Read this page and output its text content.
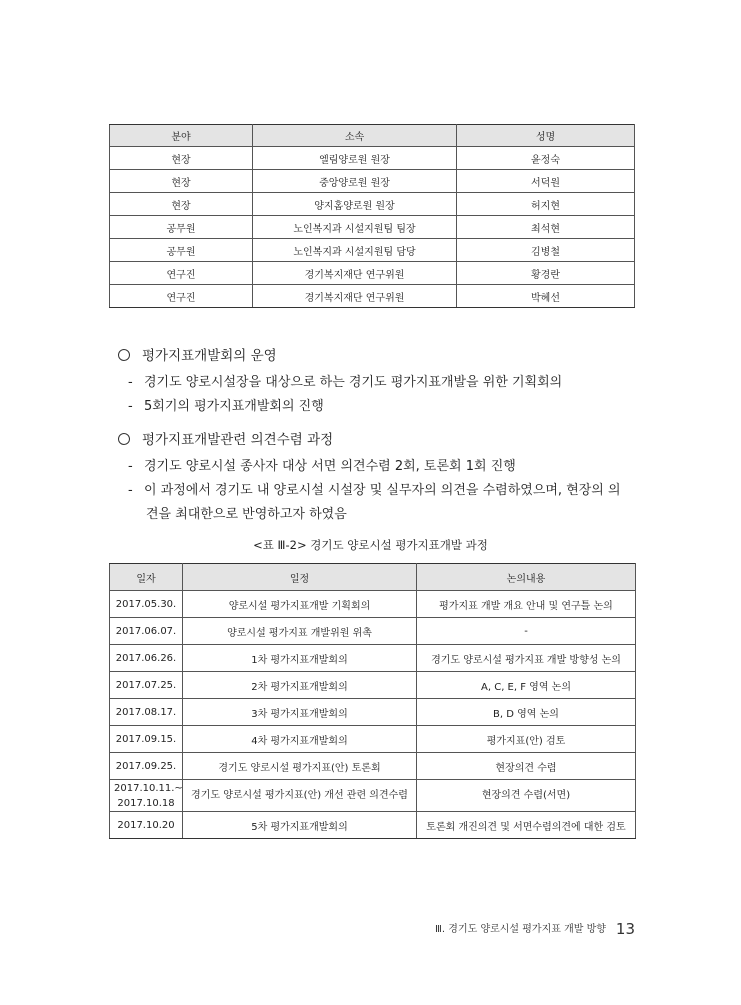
분야	소속	성명
현장	엘림양로원 원장	윤정숙
현장	중앙양로원 원장	서덕원
현장	양지홈양로원 원장	허지현
공무원	노인복지과 시설지원팀 팀장	최석현
공무원	노인복지과 시설지원팀 담당	김병철
연구진	경기복지재단 연구위원	황경란
연구진	경기복지재단 연구위원	박혜선
평가지표개발회의 운영
- 경기도 양로시설장을 대상으로 하는 경기도 평가지표개발을 위한 기획회의
- 5회기의 평가지표개발회의 진행
평가지표개발관련 의견수렴 과정
- 경기도 양로시설 종사자 대상 서면 의견수렴 2회, 토론회 1회 진행
- 이 과정에서 경기도 내 양로시설 시설장 및 실무자의 의견을 수렴하였으며, 현장의 의
견을 최대한으로 반영하고자 하였음
<표 Ⅲ-2> 경기도 양로시설 평가지표개발 과정
일자	일정	논의내용
2017.05.30.	양로시설 평가지표개발 기획회의	평가지표 개발 개요 안내 및 연구틀 논의
2017.06.07.	양로시설 평가지표 개발위원 위촉	-
2017.06.26.	1차 평가지표개발회의	경기도 양로시설 평가지표 개발 방향성 논의
2017.07.25.	2차 평가지표개발회의	A, C, E, F 영역 논의
2017.08.17.	3차 평가지표개발회의	B, D 영역 논의
2017.09.15.	4차 평가지표개발회의	평가지표(안) 검토
2017.09.25.	경기도 양로시설 평가지표(안) 토론회	현장의견 수렴
2017.10.11.~
2017.10.18	경기도 양로시설 평가지표(안) 개선 관련 의견수렴	현장의견 수렴(서면)
2017.10.20	5차 평가지표개발회의	토론회 개진의견 및 서면수렴의견에 대한 검토
Ⅲ. 경기도 양로시설 평가지표 개발 방향 13
